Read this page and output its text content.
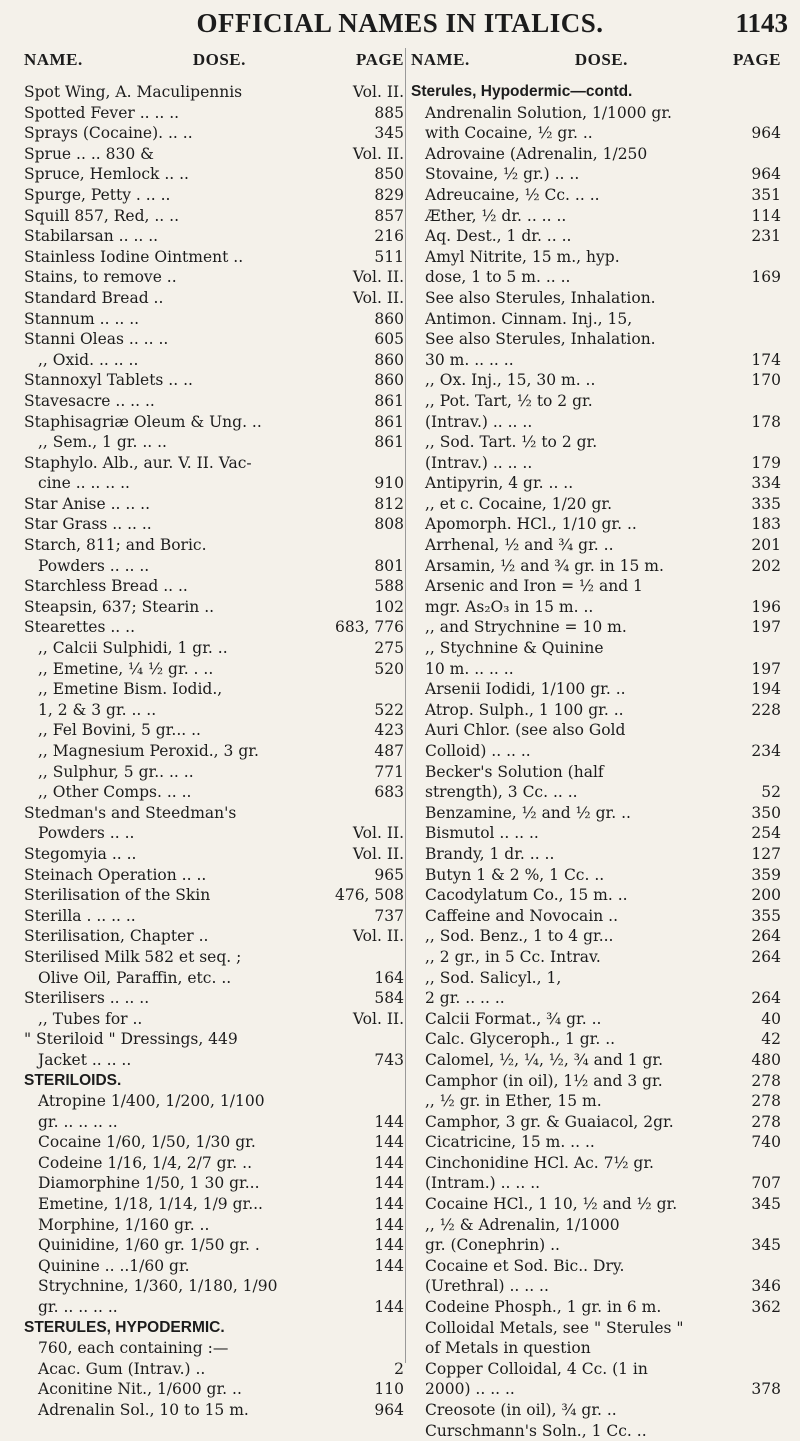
OFFICIAL NAMES IN ITALICS.	1143
NAME.	DOSE.	PAGE
Spot Wing, A. Maculipennis	Vol. II.
Spotted Fever .. .. ..	885
Sprays (Cocaine). .. ..	345
Sprue .. .. 830 &	Vol. II.
Spruce, Hemlock .. ..	850
Spurge, Petty . .. ..	829
Squill 857, Red, .. ..	857
Stabilarsan .. .. ..	216
Stainless Iodine Ointment ..	511
Stains, to remove ..	Vol. II.
Standard Bread ..	Vol. II.
Stannum .. .. ..	860
Stanni Oleas .. .. ..	605
,, Oxid. .. .. ..	860
Stannoxyl Tablets .. ..	860
Stavesacre .. .. ..	861
Staphisagriæ Oleum & Ung. ..	861
,, Sem., 1 gr. .. ..	861
Staphylo. Alb., aur. V. II. Vac-
cine .. .. .. ..	910
Star Anise .. .. ..	812
Star Grass .. .. ..	808
Starch, 811; and Boric.
Powders .. .. ..	801
Starchless Bread .. ..	588
Steapsin, 637; Stearin ..	102
Stearettes .. ..	683, 776
,, Calcii Sulphidi, 1 gr. ..	275
,, Emetine, ¼ ½ gr. . ..	520
,, Emetine Bism. Iodid.,
1, 2 & 3 gr. .. ..	522
,, Fel Bovini, 5 gr... ..	423
,, Magnesium Peroxid., 3 gr.	487
,, Sulphur, 5 gr.. .. ..	771
,, Other Comps. .. ..	683
Stedman's and Steedman's
Powders .. ..	Vol. II.
Stegomyia .. ..	Vol. II.
Steinach Operation .. ..	965
Sterilisation of the Skin	476, 508
Sterilla . .. .. ..	737
Sterilisation, Chapter ..	Vol. II.
Sterilised Milk 582 et seq. ;
Olive Oil, Paraffin, etc. ..	164
Sterilisers .. .. ..	584
,, Tubes for ..	Vol. II.
" Steriloid " Dressings, 449
Jacket .. .. ..	743
STERILOIDS.
Atropine 1/400, 1/200, 1/100
gr. .. .. .. ..	144
Cocaine 1/60, 1/50, 1/30 gr.	144
Codeine 1/16, 1/4, 2/7 gr. ..	144
Diamorphine 1/50, 1 30 gr...	144
Emetine, 1/18, 1/14, 1/9 gr...	144
Morphine, 1/160 gr. ..	144
Quinidine, 1/60 gr. 1/50 gr. .	144
Quinine .. ..1/60 gr.	144
Strychnine, 1/360, 1/180, 1/90
gr. .. .. .. ..	144
STERULES, HYPODERMIC.
760, each containing :—
Acac. Gum (Intrav.) ..	2
Aconitine Nit., 1/600 gr. ..	110
Adrenalin Sol., 10 to 15 m.	964
NAME.	DOSE.	PAGE
Sterules, Hypodermic—contd.
Andrenalin Solution, 1/1000 gr.
with Cocaine, ½ gr. ..	964
Adrovaine (Adrenalin, 1/250
Stovaine, ½ gr.) .. ..	964
Adreucaine, ½ Cc. .. ..	351
Æther, ½ dr. .. .. ..	114
Aq. Dest., 1 dr. .. ..	231
Amyl Nitrite, 15 m., hyp.
dose, 1 to 5 m. .. ..	169
See also Sterules, Inhalation.
Antimon. Cinnam. Inj., 15,
See also Sterules, Inhalation.
30 m. .. .. ..	174
,, Ox. Inj., 15, 30 m. ..	170
,, Pot. Tart, ½ to 2 gr.
(Intrav.) .. .. ..	178
,, Sod. Tart. ½ to 2 gr.
(Intrav.) .. .. ..	179
Antipyrin, 4 gr. .. ..	334
,, et c. Cocaine, 1/20 gr.	335
Apomorph. HCl., 1/10 gr. ..	183
Arrhenal, ½ and ¾ gr. ..	201
Arsamin, ½ and ¾ gr. in 15 m.	202
Arsenic and Iron = ½ and 1
mgr. As₂O₃ in 15 m. ..	196
,, and Strychnine = 10 m.	197
,, Stychnine & Quinine
10 m. .. .. ..	197
Arsenii Iodidi, 1/100 gr. ..	194
Atrop. Sulph., 1 100 gr. ..	228
Auri Chlor. (see also Gold
Colloid) .. .. ..	234
Becker's Solution (half
strength), 3 Cc. .. ..	52
Benzamine, ½ and ½ gr. ..	350
Bismutol .. .. ..	254
Brandy, 1 dr. .. ..	127
Butyn 1 & 2 %, 1 Cc. ..	359
Cacodylatum Co., 15 m. ..	200
Caffeine and Novocain ..	355
,, Sod. Benz., 1 to 4 gr...	264
,, 2 gr., in 5 Cc. Intrav.	264
,, Sod. Salicyl., 1,
2 gr. .. .. ..	264
Calcii Format., ¾ gr. ..	40
Calc. Glyceroph., 1 gr. ..	42
Calomel, ½, ¼, ½, ¾ and 1 gr.	480
Camphor (in oil), 1½ and 3 gr.	278
,, ½ gr. in Ether, 15 m.	278
Camphor, 3 gr. & Guaiacol, 2gr.	278
Cicatricine, 15 m. .. ..	740
Cinchonidine HCl. Ac. 7½ gr.
(Intram.) .. .. ..	707
Cocaine HCl., 1 10, ½ and ½ gr.	345
,, ½ & Adrenalin, 1/1000
gr. (Conephrin) ..	345
Cocaine et Sod. Bic.. Dry.
(Urethral) .. .. ..	346
Codeine Phosph., 1 gr. in 6 m.	362
Colloidal Metals, see " Sterules "
of Metals in question
Copper Colloidal, 4 Cc. (1 in
2000) .. .. ..	378
Creosote (in oil), ¾ gr. ..
Curschmann's Soln., 1 Cc. ..
